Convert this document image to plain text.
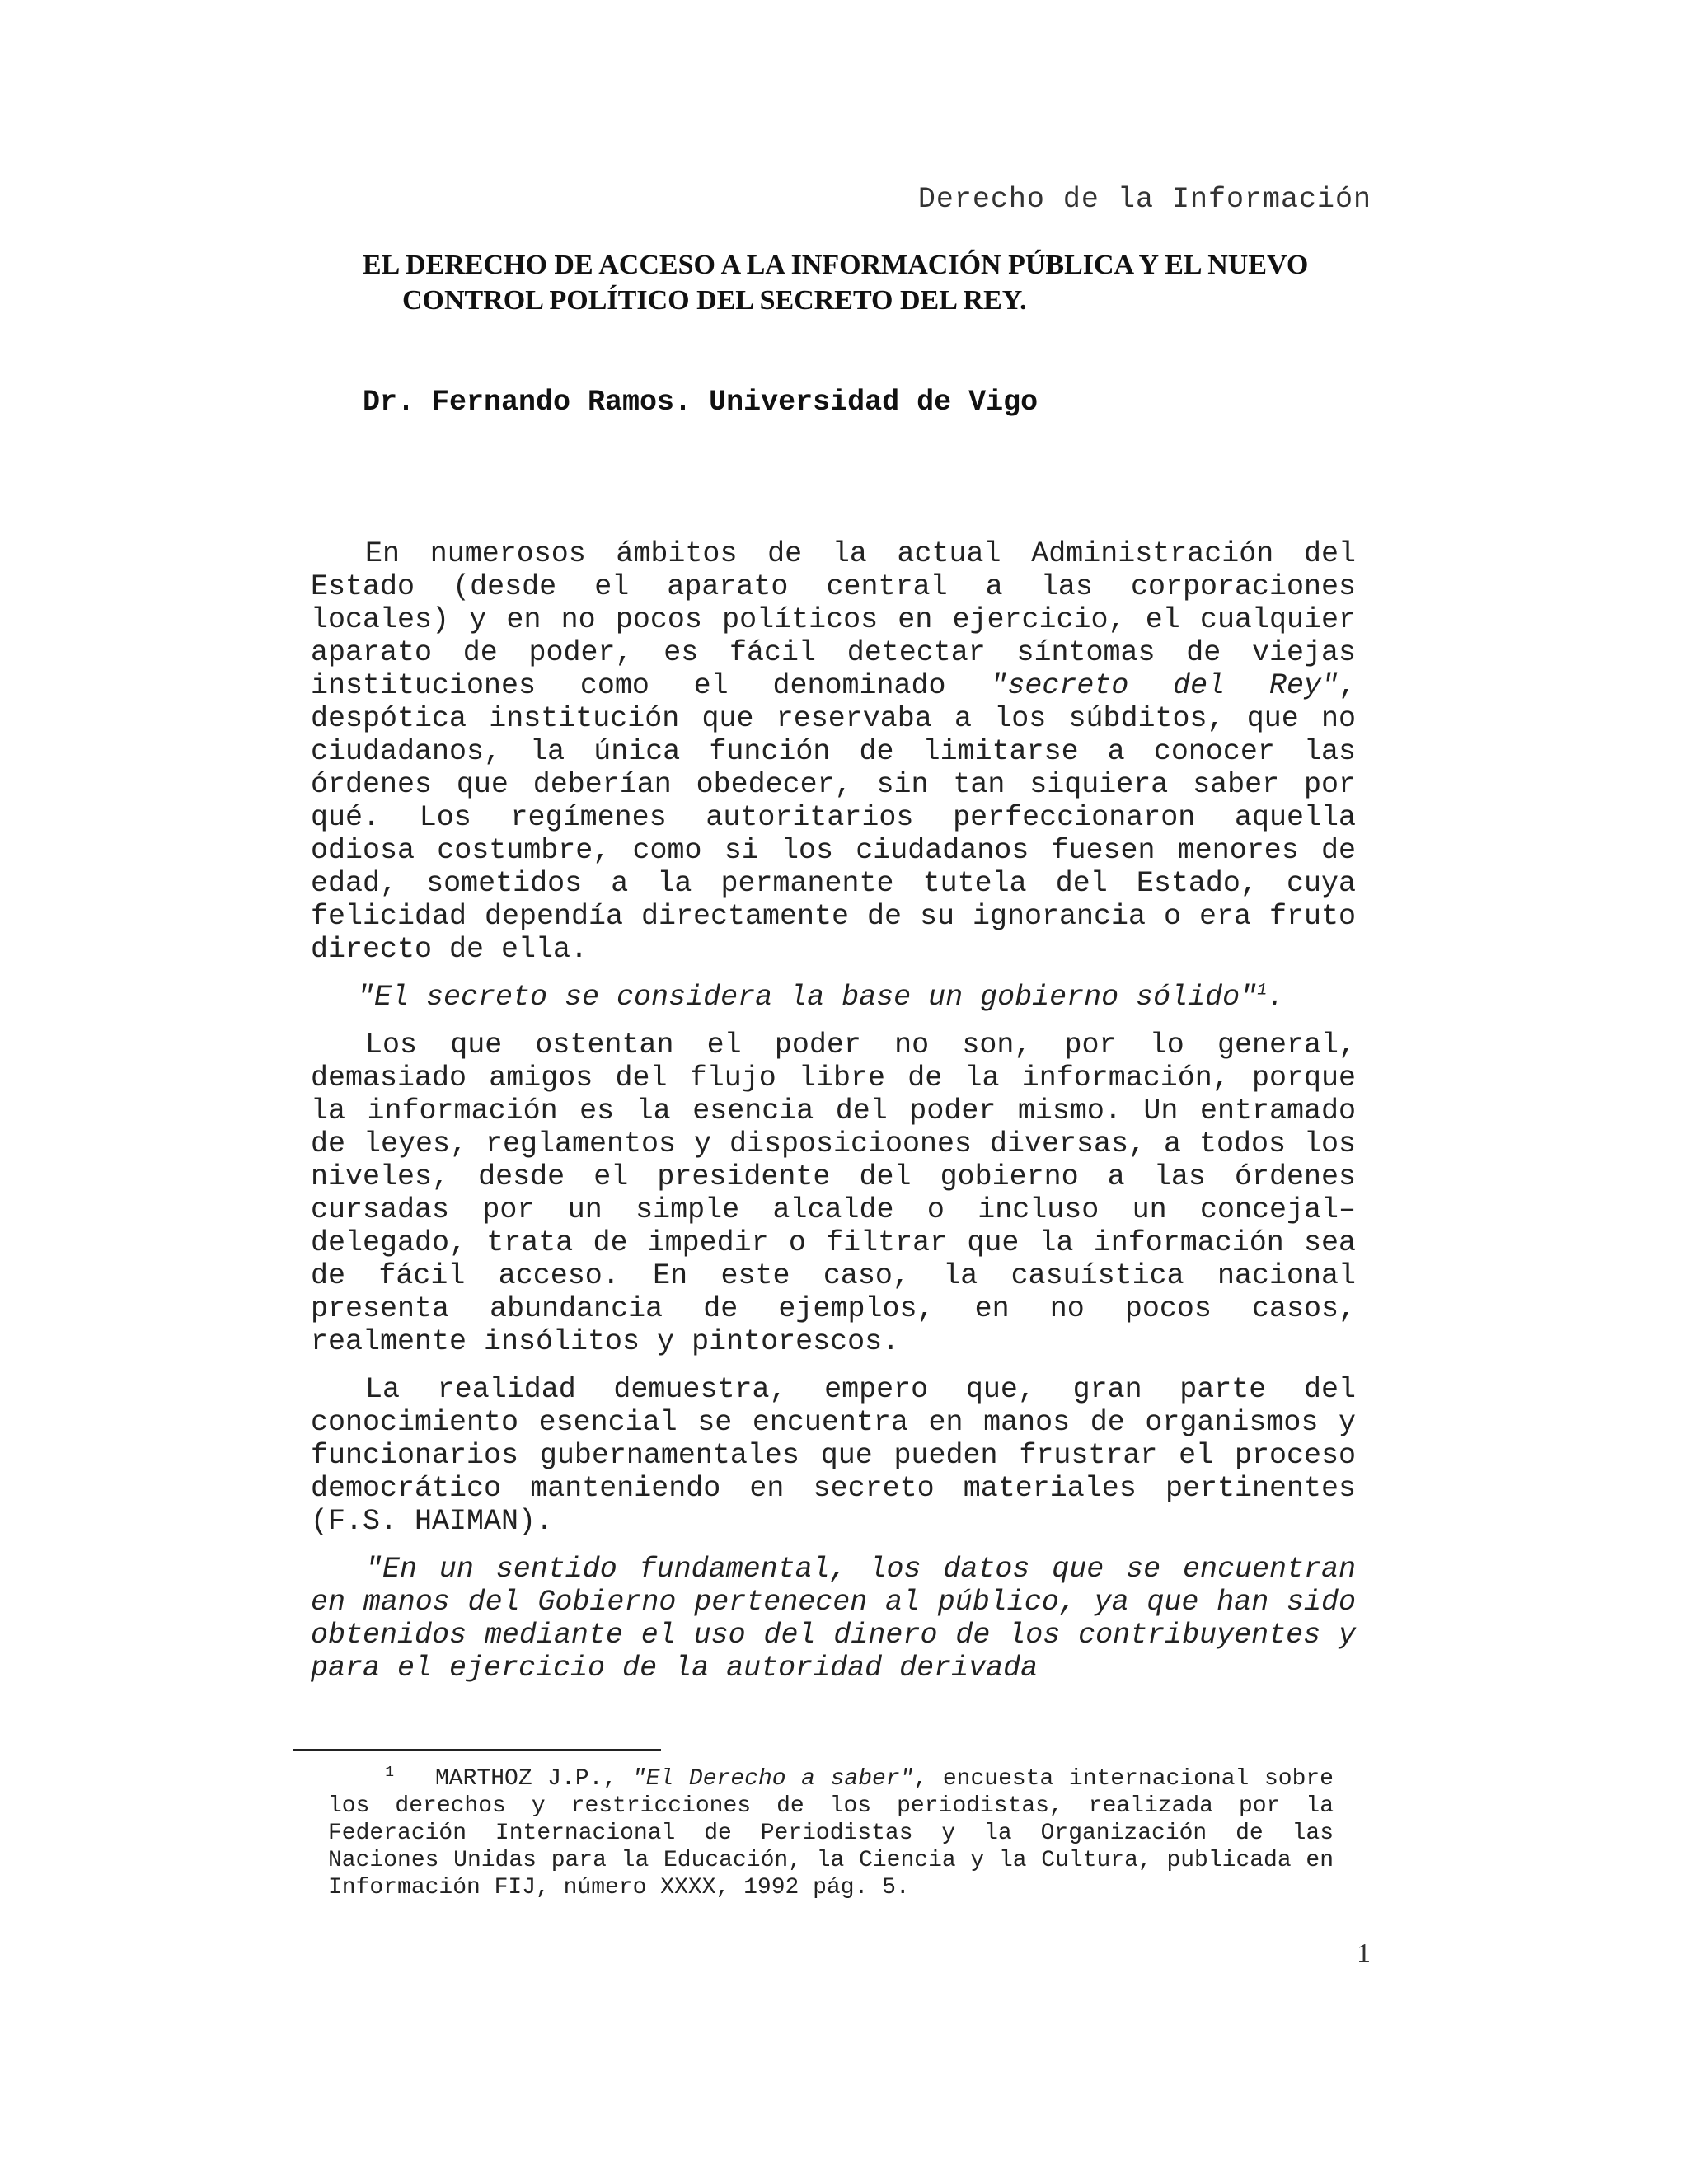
Derecho de la Información
EL DERECHO DE ACCESO A LA INFORMACIÓN PÚBLICA Y EL NUEVO
CONTROL POLÍTICO DEL SECRETO DEL REY.
Dr. Fernando Ramos. Universidad de Vigo

En numerosos ámbitos de la actual Administración del Estado (desde el aparato central a las corporaciones locales) y en no pocos políticos en ejercicio, el cualquier aparato de poder, es fácil detectar síntomas de viejas instituciones como el denominado "secreto del Rey", despótica institución que reservaba a los súbditos, que no ciudadanos, la única función de limitarse a conocer las órdenes que deberían obedecer, sin tan siquiera saber por qué. Los regímenes autoritarios perfeccionaron aquella odiosa costumbre, como si los ciudadanos fuesen menores de edad, sometidos a la permanente tutela del Estado, cuya felicidad dependía directamente de su ignorancia o era fruto directo de ella.

"El secreto se considera la base un gobierno sólido"$^1$.

Los que ostentan el poder no son, por lo general, demasiado amigos del flujo libre de la información, porque la información es la esencia del poder mismo. Un entramado de leyes, reglamentos y disposicioones diversas, a todos los niveles, desde el presidente del gobierno a las órdenes cursadas por un simple alcalde o incluso un concejal–delegado, trata de impedir o filtrar que la información sea de fácil acceso. En este caso, la casuística nacional presenta abundancia de ejemplos, en no pocos casos, realmente insólitos y pintorescos.

La realidad demuestra, empero que, gran parte del conocimiento esencial se encuentra en manos de organismos y funcionarios gubernamentales que pueden frustrar el proceso democrático manteniendo en secreto materiales pertinentes (F.S. HAIMAN).

"En un sentido fundamental, los datos que se encuentran en manos del Gobierno pertenecen al público, ya que han sido obtenidos mediante el uso del dinero de los contribuyentes y para el ejercicio de la autoridad derivada

1 MARTHOZ J.P., "El Derecho a saber", encuesta internacional sobre los derechos y restricciones de los periodistas, realizada por la Federación Internacional de Periodistas y la Organización de las Naciones Unidas para la Educación, la Ciencia y la Cultura, publicada en Información FIJ, número XXXX, 1992 pág. 5.
1
